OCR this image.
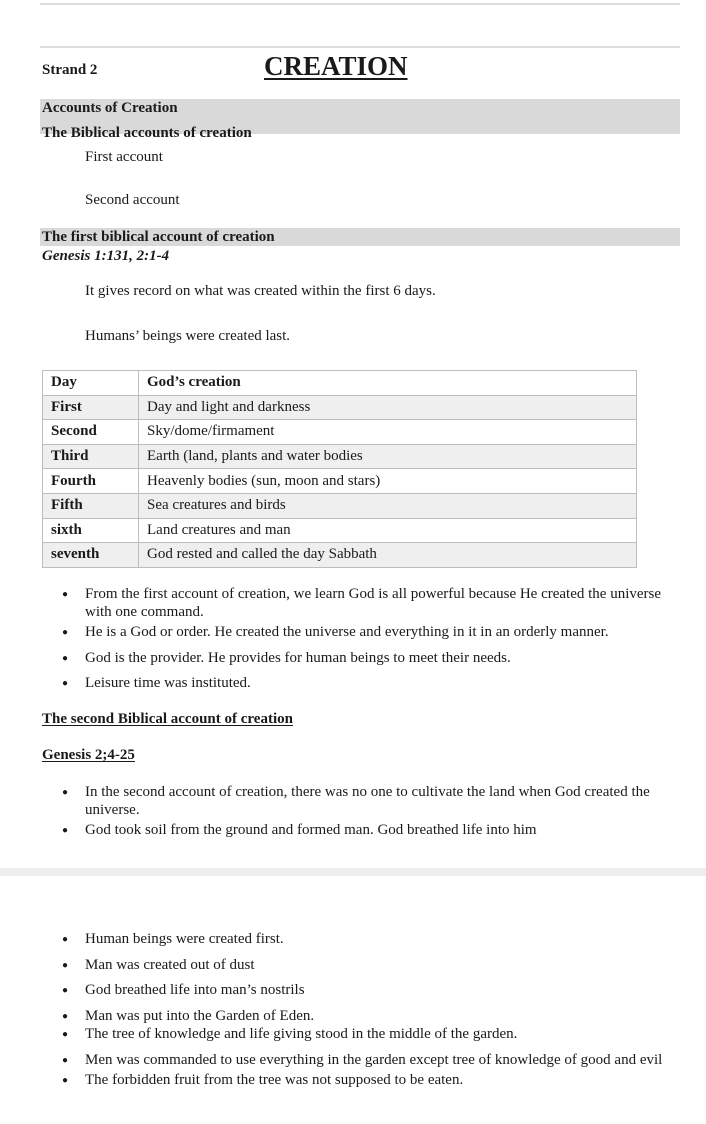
Strand 2	CREATION
Accounts of Creation
The Biblical accounts of creation
First account
Second account
The first biblical account of creation
Genesis 1:131, 2:1-4
It gives record on what was created within the first 6 days.
Humans’ beings were created last.
Day	God’s creation
First	Day and light and darkness
Second	Sky/dome/firmament
Third	Earth (land, plants and water bodies
Fourth	Heavenly bodies (sun, moon and stars)
Fifth	Sea creatures and birds
sixth	Land creatures and man
seventh	God rested and called the day Sabbath
● From the first account of creation, we learn God is all powerful because He created the universe with one command.
● He is a God or order. He created the universe and everything in it in an orderly manner.
● God is the provider. He provides for human beings to meet their needs.
● Leisure time was instituted.
The second Biblical account of creation
Genesis 2;4-25
● In the second account of creation, there was no one to cultivate the land when God created the universe.
● God took soil from the ground and formed man. God breathed life into him
● Human beings were created first.
● Man was created out of dust
● God breathed life into man’s nostrils
● Man was put into the Garden of Eden.
● The tree of knowledge and life giving stood in the middle of the garden.
● Men was commanded to use everything in the garden except tree of knowledge of good and evil
● The forbidden fruit from the tree was not supposed to be eaten.
